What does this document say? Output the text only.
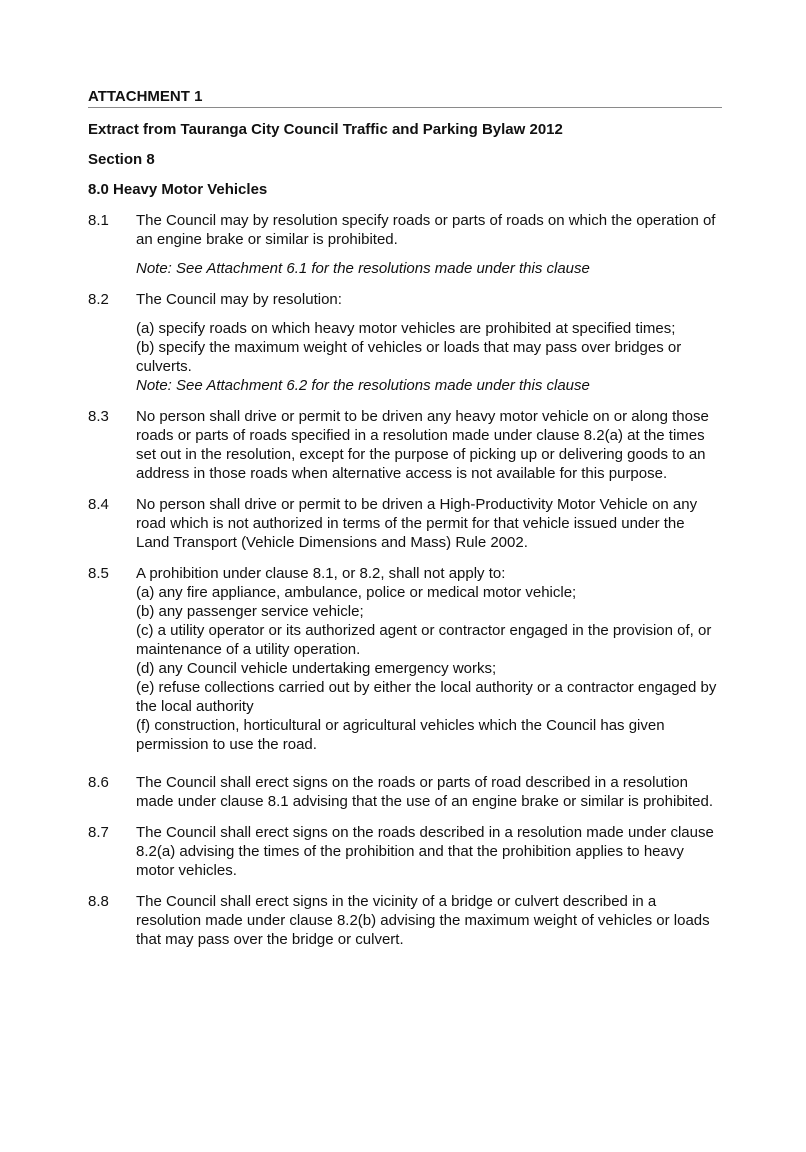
ATTACHMENT 1
Extract from Tauranga City Council Traffic and Parking Bylaw 2012
Section 8
8.0 Heavy Motor Vehicles
8.1	The Council may by resolution specify roads or parts of roads on which the operation of an engine brake or similar is prohibited.

Note: See Attachment 6.1 for the resolutions made under this clause

8.2	The Council may by resolution:

(a) specify roads on which heavy motor vehicles are prohibited at specified times;

(b) specify the maximum weight of vehicles or loads that may pass over bridges or culverts.

Note: See Attachment 6.2 for the resolutions made under this clause

8.3	No person shall drive or permit to be driven any heavy motor vehicle on or along those roads or parts of roads specified in a resolution made under clause 8.2(a) at the times set out in the resolution, except for the purpose of picking up or delivering goods to an address in those roads when alternative access is not available for this purpose.

8.4	No person shall drive or permit to be driven a High-Productivity Motor Vehicle on any road which is not authorized in terms of the permit for that vehicle issued under the Land Transport (Vehicle Dimensions and Mass) Rule 2002.

8.5	A prohibition under clause 8.1, or 8.2, shall not apply to:

(a) any fire appliance, ambulance, police or medical motor vehicle;

(b) any passenger service vehicle;

(c) a utility operator or its authorized agent or contractor engaged in the provision of, or maintenance of a utility operation.

(d) any Council vehicle undertaking emergency works;

(e) refuse collections carried out by either the local authority or a contractor engaged by the local authority

(f) construction, horticultural or agricultural vehicles which the Council has given permission to use the road.

8.6	The Council shall erect signs on the roads or parts of road described in a resolution made under clause 8.1 advising that the use of an engine brake or similar is prohibited.

8.7	The Council shall erect signs on the roads described in a resolution made under clause 8.2(a) advising the times of the prohibition and that the prohibition applies to heavy motor vehicles.

8.8	The Council shall erect signs in the vicinity of a bridge or culvert described in a resolution made under clause 8.2(b) advising the maximum weight of vehicles or loads that may pass over the bridge or culvert.
